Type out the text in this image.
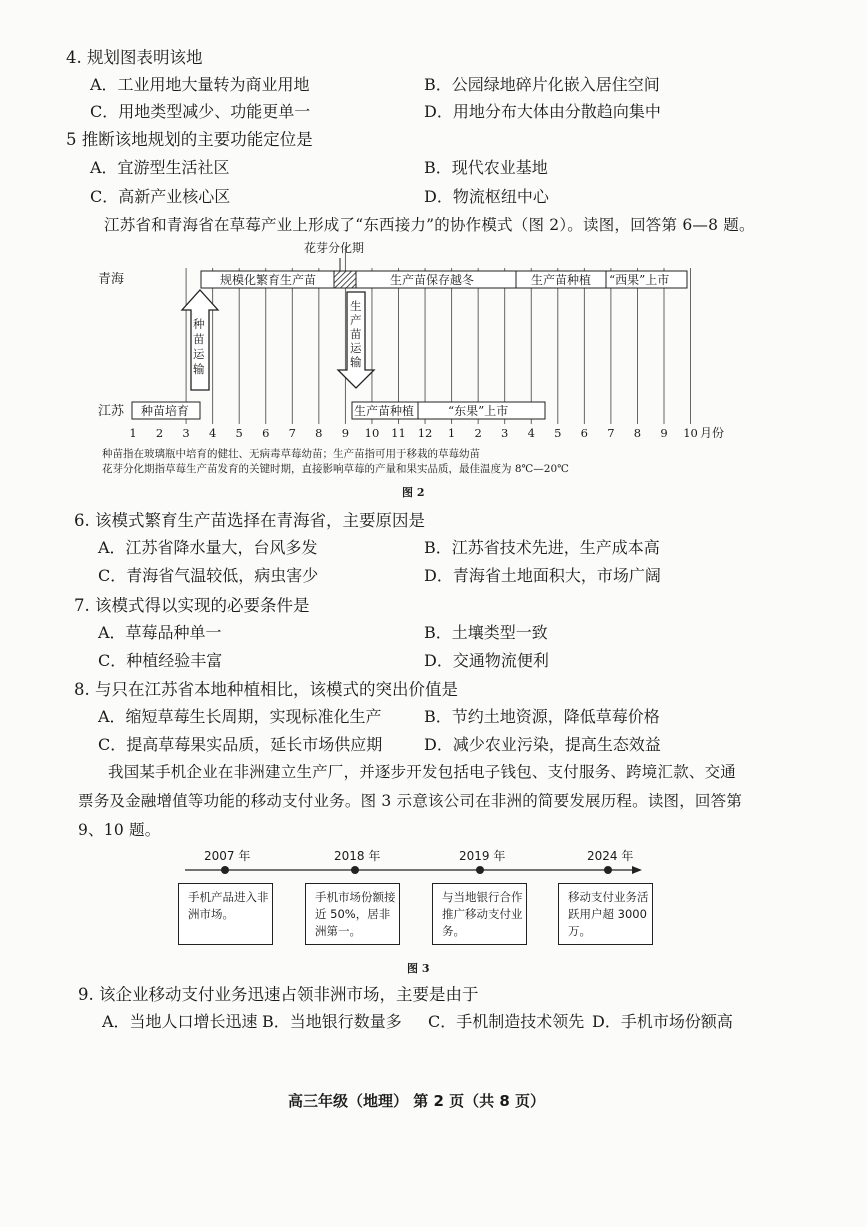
4. 规划图表明该地
A．工业用地大量转为商业用地	B．公园绿地碎片化嵌入居住空间
C．用地类型减少、功能更单一	D．用地分布大体由分散趋向集中
5 推断该地规划的主要功能定位是
A．宜游型生活社区	B．现代农业基地
C．高新产业核心区	D．物流枢纽中心
江苏省和青海省在草莓产业上形成了“东西接力”的协作模式（图 2）。读图，回答第 6—8 题。
花芽分化期
青海
江苏
规模化繁育生产苗	生产苗保存越冬	生产苗种植 “西果”上市
种苗培育	生产苗种植	“东果”上市
种
苗
运
输
生
产
苗
运
输
1 2 3 4 5 6 7 8 9 10 11 12 1 2 3 4 5 6 7 8 9 10 月份
种苗指在玻璃瓶中培育的健壮、无病毒草莓幼苗；生产苗指可用于移栽的草莓幼苗
花芽分化期指草莓生产苗发育的关键时期，直接影响草莓的产量和果实品质，最佳温度为 8℃—20℃
图 2
6. 该模式繁育生产苗选择在青海省，主要原因是
A．江苏省降水量大，台风多发	B．江苏省技术先进，生产成本高
C．青海省气温较低，病虫害少	D．青海省土地面积大，市场广阔
7. 该模式得以实现的必要条件是
A．草莓品种单一	B．土壤类型一致
C．种植经验丰富	D．交通物流便利
8. 与只在江苏省本地种植相比，该模式的突出价值是
A．缩短草莓生长周期，实现标准化生产	B．节约土地资源，降低草莓价格
C．提高草莓果实品质，延长市场供应期	D．减少农业污染，提高生态效益
我国某手机企业在非洲建立生产厂，并逐步开发包括电子钱包、支付服务、跨境汇款、交通
票务及金融增值等功能的移动支付业务。图 3 示意该公司在非洲的简要发展历程。读图，回答第
9、10 题。
2007 年	2018 年	2019 年	2024 年
手机产品进入非洲市场。
手机市场份额接近 50%，居非洲第一。
与当地银行合作推广移动支付业务。
移动支付业务活跃用户超 3000 万。
图 3
9. 该企业移动支付业务迅速占领非洲市场，主要是由于
A．当地人口增长迅速 B．当地银行数量多 C．手机制造技术领先 D．手机市场份额高
高三年级（地理） 第 2 页（共 8 页）
